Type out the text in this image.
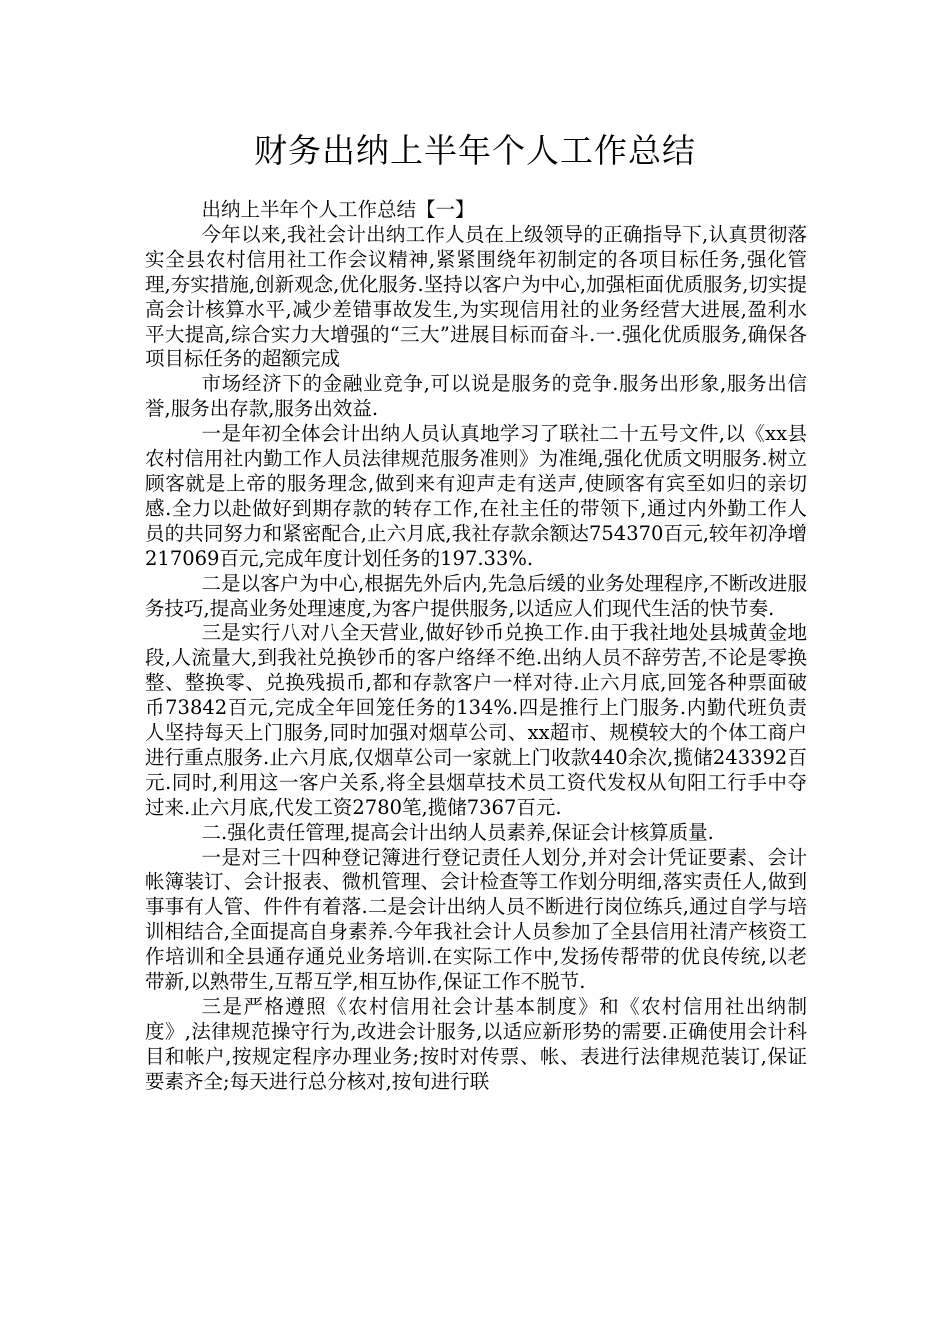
财务出纳上半年个人工作总结

出纳上半年个人工作总结【一】

今年以来,我社会计出纳工作人员在上级领导的正确指导下,认真贯彻落实全县农村信用社工作会议精神,紧紧围绕年初制定的各项目标任务,强化管理,夯实措施,创新观念,优化服务.坚持以客户为中心,加强柜面优质服务,切实提高会计核算水平,减少差错事故发生,为实现信用社的业务经营大进展,盈利水平大提高,综合实力大增强的“三大”进展目标而奋斗.一.强化优质服务,确保各项目标任务的超额完成

市场经济下的金融业竞争,可以说是服务的竞争.服务出形象,服务出信誉,服务出存款,服务出效益.

一是年初全体会计出纳人员认真地学习了联社二十五号文件,以《xx县农村信用社内勤工作人员法律规范服务准则》为准绳,强化优质文明服务.树立顾客就是上帝的服务理念,做到来有迎声走有送声,使顾客有宾至如归的亲切感.全力以赴做好到期存款的转存工作,在社主任的带领下,通过内外勤工作人员的共同努力和紧密配合,止六月底,我社存款余额达754370百元,较年初净增217069百元,完成年度计划任务的197.33%.

二是以客户为中心,根据先外后内,先急后缓的业务处理程序,不断改进服务技巧,提高业务处理速度,为客户提供服务,以适应人们现代生活的快节奏.

三是实行八对八全天营业,做好钞币兑换工作.由于我社地处县城黄金地段,人流量大,到我社兑换钞币的客户络绎不绝.出纳人员不辞劳苦,不论是零换整、整换零、兑换残损币,都和存款客户一样对待.止六月底,回笼各种票面破币73842百元,完成全年回笼任务的134%.四是推行上门服务.内勤代班负责人坚持每天上门服务,同时加强对烟草公司、xx超市、规模较大的个体工商户进行重点服务.止六月底,仅烟草公司一家就上门收款440余次,揽储243392百元.同时,利用这一客户关系,将全县烟草技术员工资代发权从旬阳工行手中夺过来.止六月底,代发工资2780笔,揽储7367百元.

二.强化责任管理,提高会计出纳人员素养,保证会计核算质量.

一是对三十四种登记簿进行登记责任人划分,并对会计凭证要素、会计帐簿装订、会计报表、微机管理、会计检查等工作划分明细,落实责任人,做到事事有人管、件件有着落.二是会计出纳人员不断进行岗位练兵,通过自学与培训相结合,全面提高自身素养.今年我社会计人员参加了全县信用社清产核资工作培训和全县通存通兑业务培训.在实际工作中,发扬传帮带的优良传统,以老带新,以熟带生,互帮互学,相互协作,保证工作不脱节.

三是严格遵照《农村信用社会计基本制度》和《农村信用社出纳制度》,法律规范操守行为,改进会计服务,以适应新形势的需要.正确使用会计科目和帐户,按规定程序办理业务;按时对传票、帐、表进行法律规范装订,保证要素齐全;每天进行总分核对,按旬进行联
